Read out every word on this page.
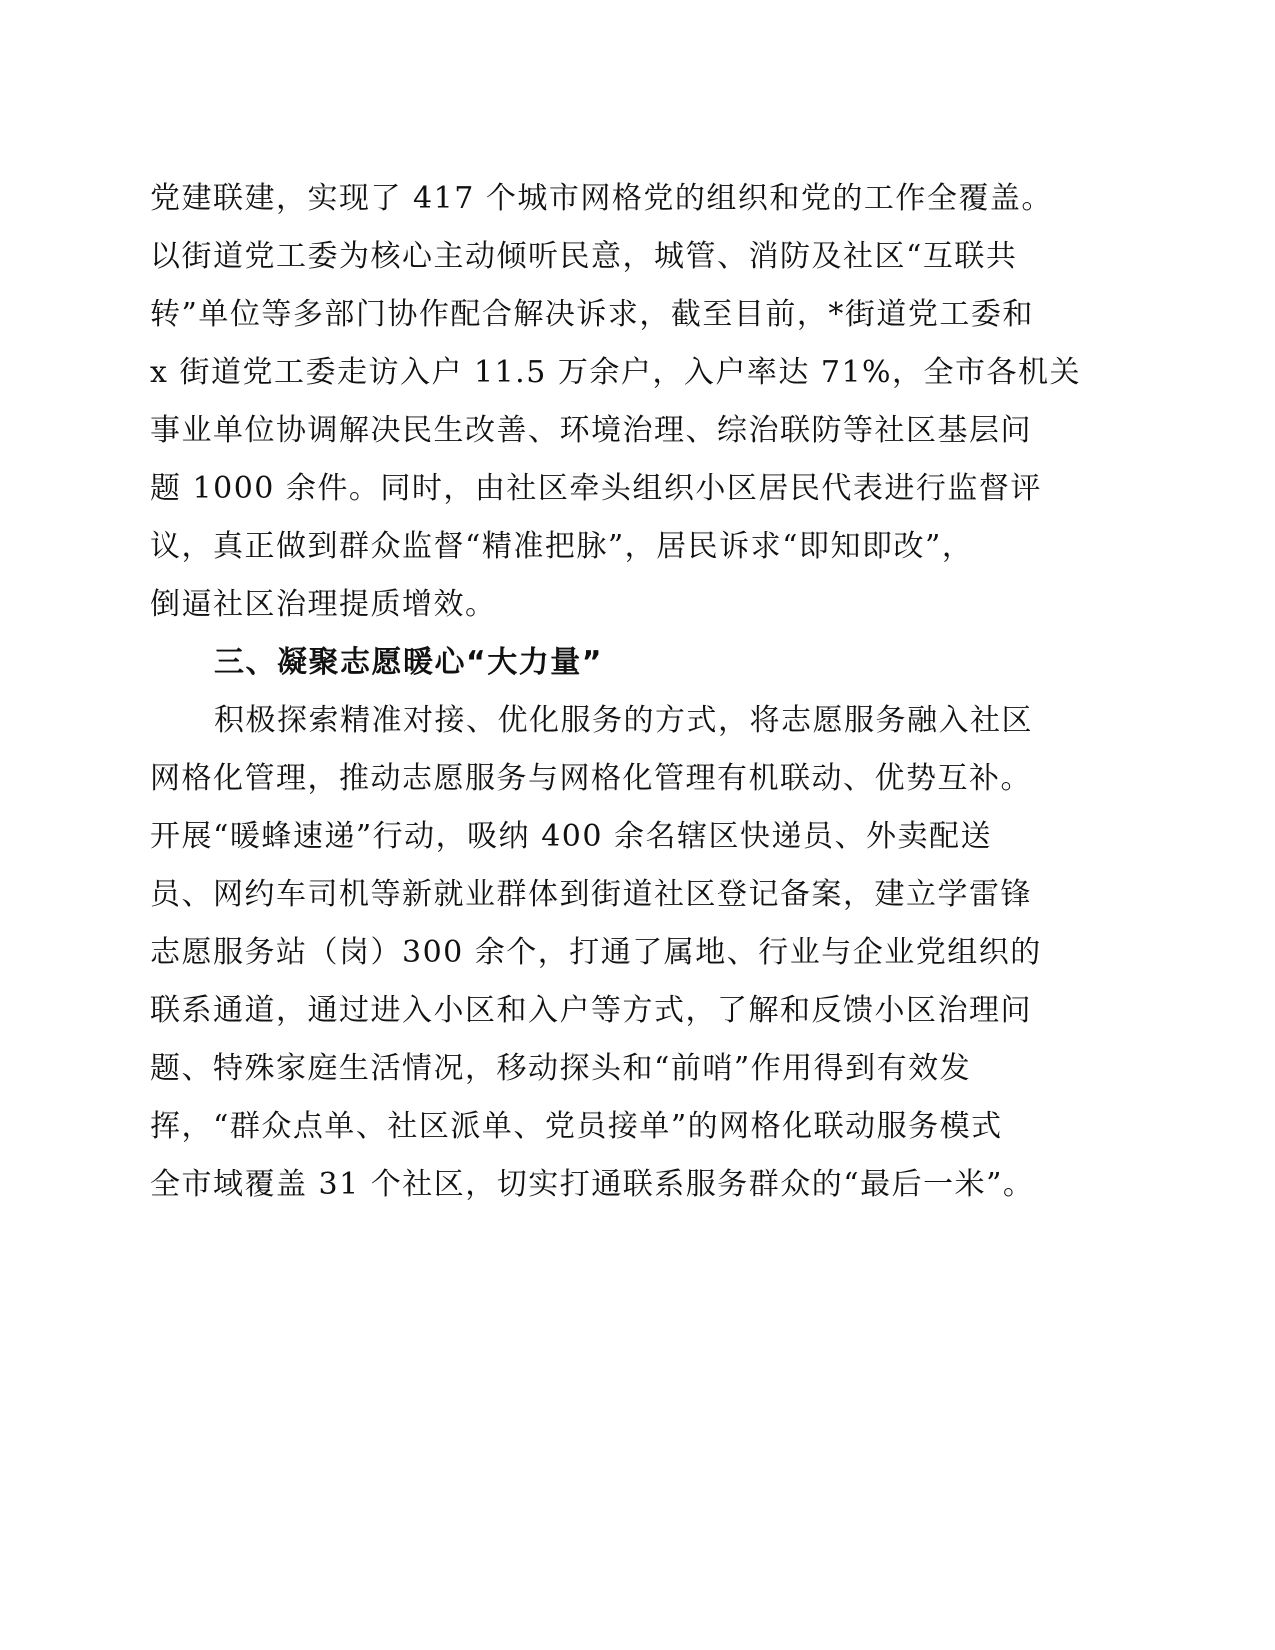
党建联建，实现了 417 个城市网格党的组织和党的工作全覆盖。
以街道党工委为核心主动倾听民意，城管、消防及社区“互联共
转”单位等多部门协作配合解决诉求，截至目前，*街道党工委和
x 街道党工委走访入户 11.5 万余户，入户率达 71%，全市各机关
事业单位协调解决民生改善、环境治理、综治联防等社区基层问
题 1000 余件。同时，由社区牵头组织小区居民代表进行监督评
议，真正做到群众监督“精准把脉”，居民诉求“即知即改”，
倒逼社区治理提质增效。
三、凝聚志愿暖心“大力量”
积极探索精准对接、优化服务的方式，将志愿服务融入社区
网格化管理，推动志愿服务与网格化管理有机联动、优势互补。
开展“暖蜂速递”行动，吸纳 400 余名辖区快递员、外卖配送
员、网约车司机等新就业群体到街道社区登记备案，建立学雷锋
志愿服务站（岗）300 余个，打通了属地、行业与企业党组织的
联系通道，通过进入小区和入户等方式，了解和反馈小区治理问
题、特殊家庭生活情况，移动探头和“前哨”作用得到有效发
挥，“群众点单、社区派单、党员接单”的网格化联动服务模式
全市域覆盖 31 个社区，切实打通联系服务群众的“最后一米”。
